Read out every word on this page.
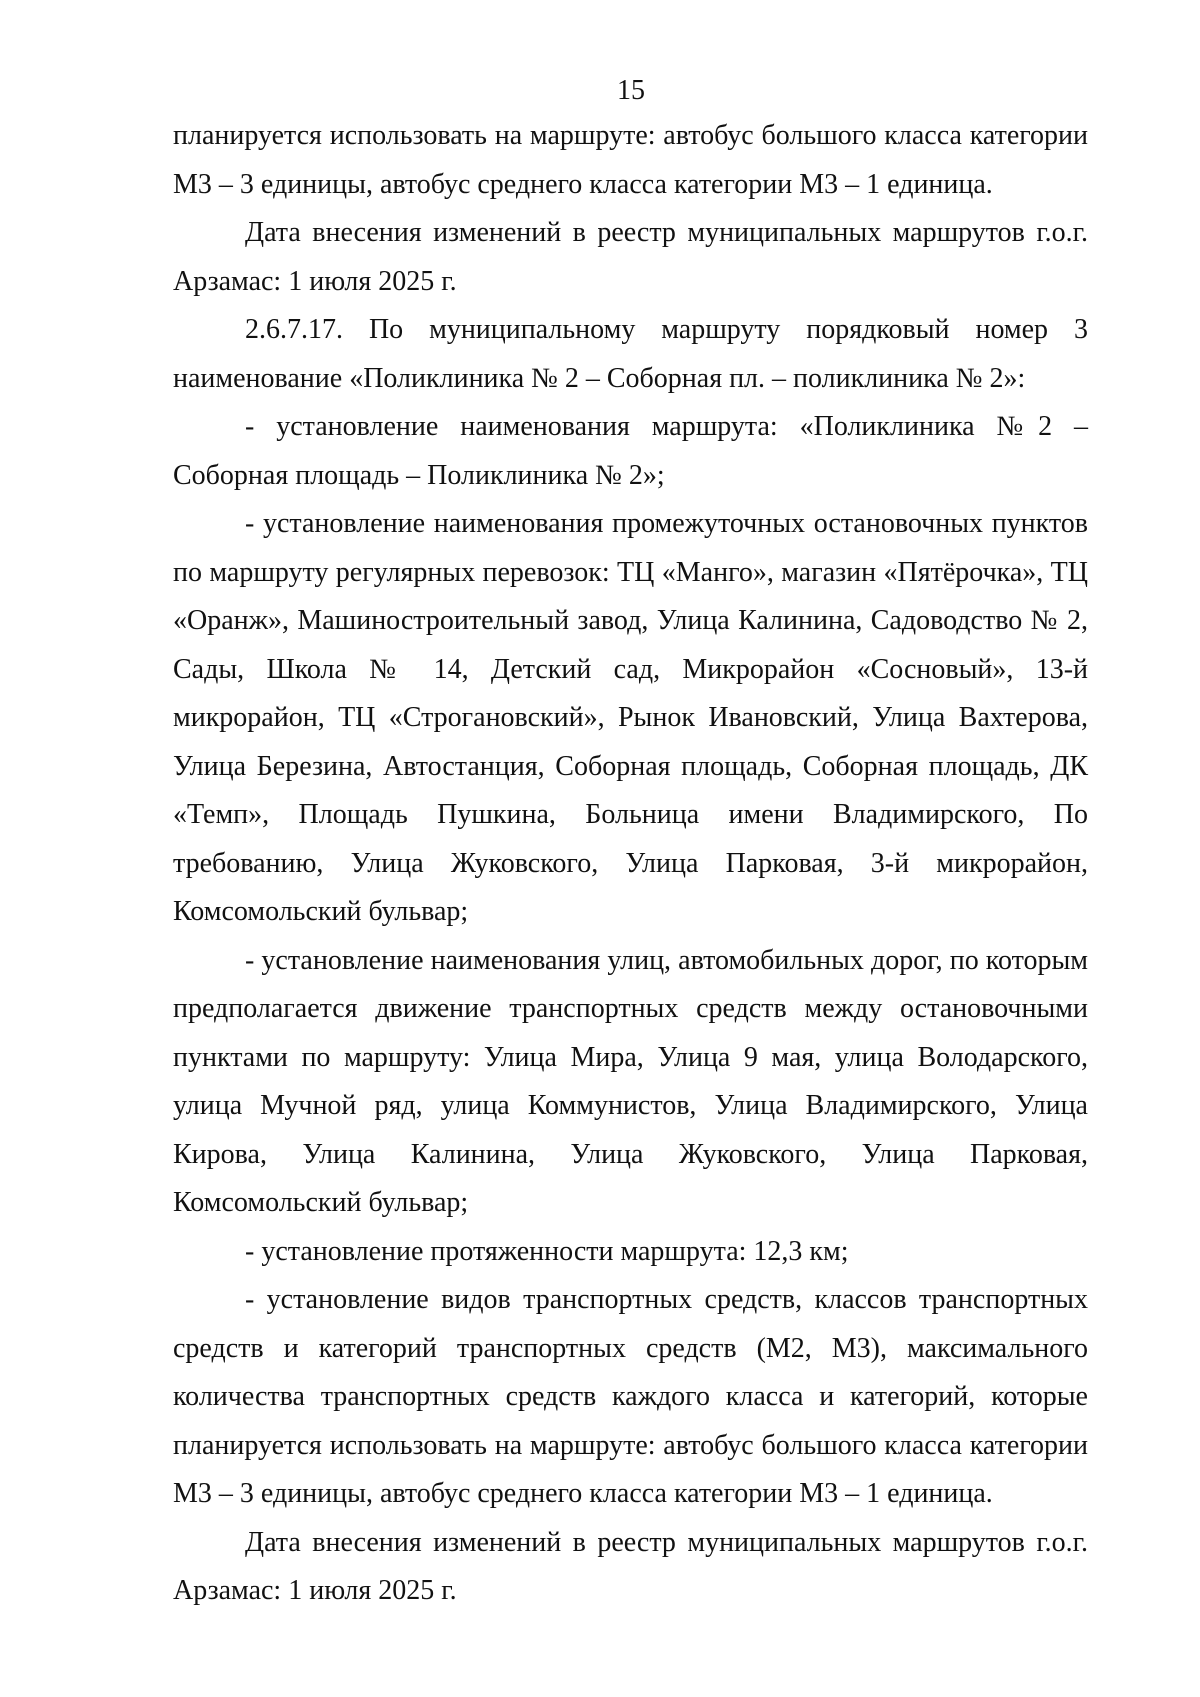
15

планируется использовать на маршруте: автобус большого класса категории М3 – 3 единицы, автобус среднего класса категории М3 – 1 единица.

Дата внесения изменений в реестр муниципальных маршрутов г.о.г. Арзамас: 1 июля 2025 г.

2.6.7.17. По муниципальному маршруту порядковый номер 3 наименование «Поликлиника № 2 – Соборная пл. – поликлиника № 2»:

- установление наименования маршрута: «Поликлиника №2 – Соборная площадь – Поликлиника № 2»;

- установление наименования промежуточных остановочных пунктов по маршруту регулярных перевозок: ТЦ «Манго», магазин «Пятёрочка», ТЦ «Оранж», Машиностроительный завод, Улица Калинина, Садоводство № 2, Сады, Школа № 14, Детский сад, Микрорайон «Сосновый», 13-й микрорайон, ТЦ «Строгановский», Рынок Ивановский, Улица Вахтерова, Улица Березина, Автостанция, Соборная площадь, Соборная площадь, ДК «Темп», Площадь Пушкина, Больница имени Владимирского, По требованию, Улица Жуковского, Улица Парковая, 3-й микрорайон, Комсомольский бульвар;

- установление наименования улиц, автомобильных дорог, по которым предполагается движение транспортных средств между остановочными пунктами по маршруту: Улица Мира, Улица 9 мая, улица Володарского, улица Мучной ряд, улица Коммунистов, Улица Владимирского, Улица Кирова, Улица Калинина, Улица Жуковского, Улица Парковая, Комсомольский бульвар;

- установление протяженности маршрута: 12,3 км;

- установление видов транспортных средств, классов транспортных средств и категорий транспортных средств (М2, М3), максимального количества транспортных средств каждого класса и категорий, которые планируется использовать на маршруте: автобус большого класса категории М3 – 3 единицы, автобус среднего класса категории М3 – 1 единица.

Дата внесения изменений в реестр муниципальных маршрутов г.о.г. Арзамас: 1 июля 2025 г.
